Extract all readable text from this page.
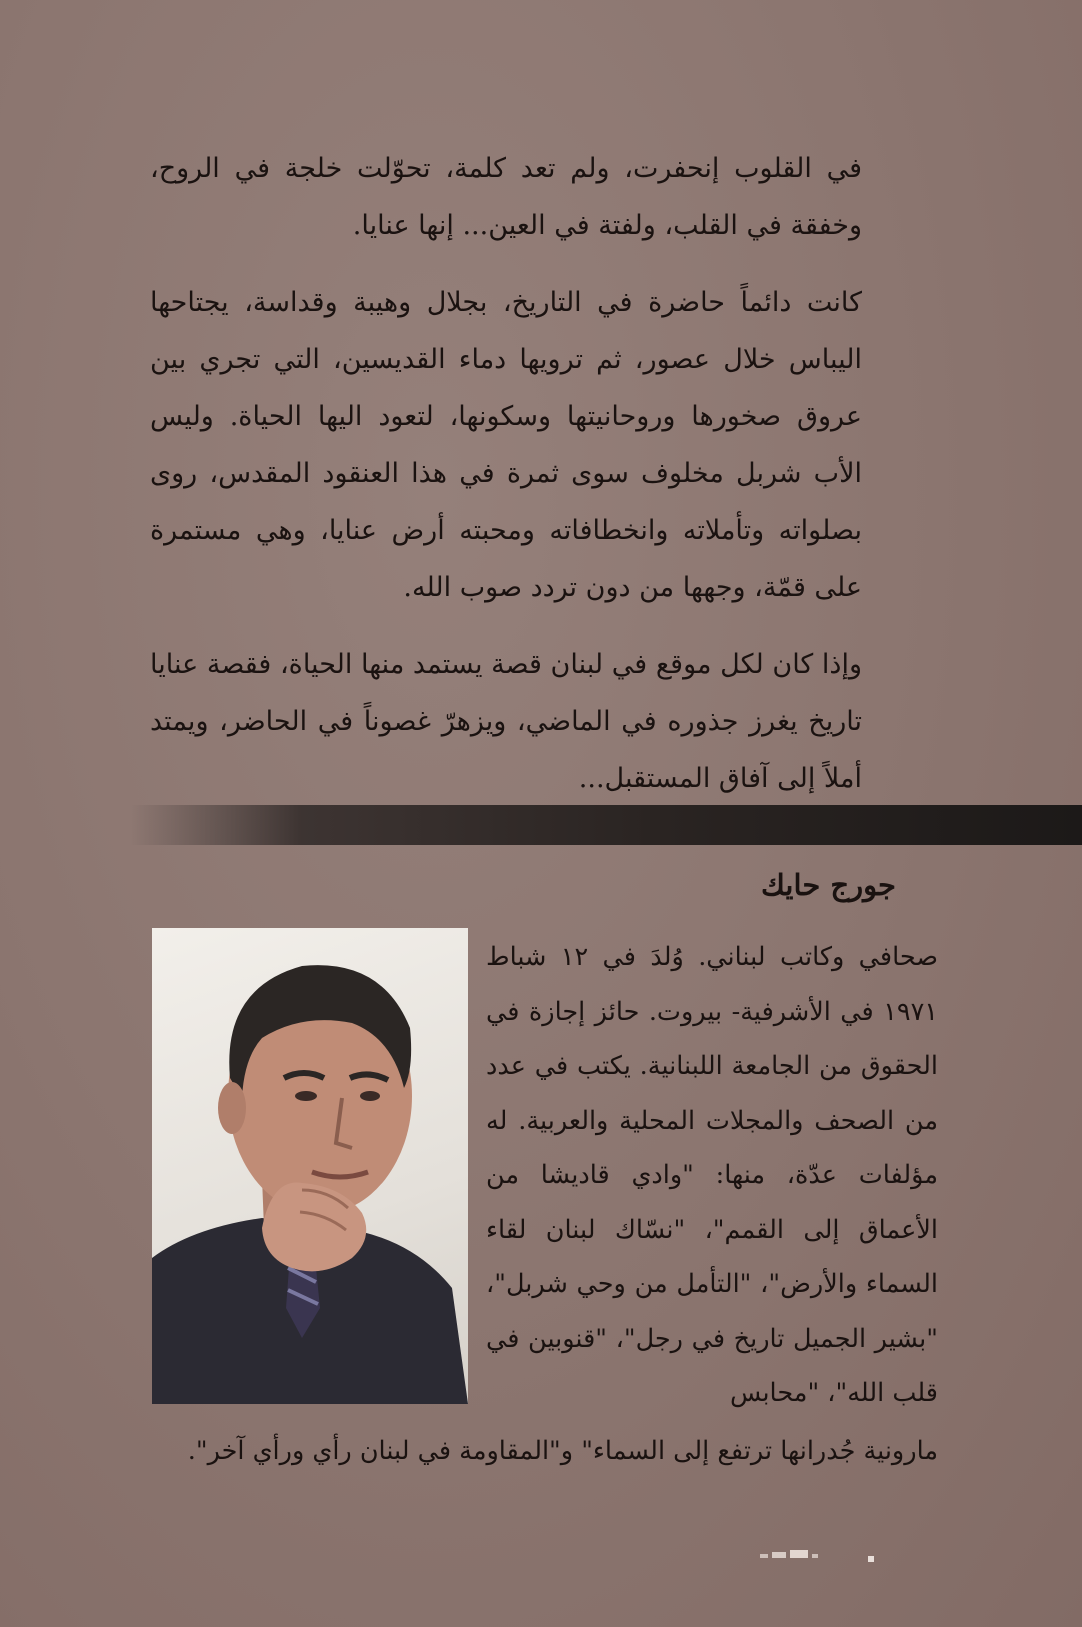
في القلوب إنحفرت، ولم تعد كلمة، تحوّلت خلجة في الروح، وخفقة في القلب، ولفتة في العين... إنها عنايا.

كانت دائماً حاضرة في التاريخ، بجلال وهيبة وقداسة، يجتاحها اليباس خلال عصور، ثم ترويها دماء القديسين، التي تجري بين عروق صخورها وروحانيتها وسكونها، لتعود اليها الحياة. وليس الأب شربل مخلوف سوى ثمرة في هذا العنقود المقدس، روى بصلواته وتأملاته وانخطافاته ومحبته أرض عنايا، وهي مستمرة على قمّة، وجهها من دون تردد صوب الله.

وإذا كان لكل موقع في لبنان قصة يستمد منها الحياة، فقصة عنايا تاريخ يغرز جذوره في الماضي، ويزهرّ غصوناً في الحاضر، ويمتد أملاً إلى آفاق المستقبل...

جورج حايك
صحافي وكاتب لبناني. وُلدَ في ١٢ شباط ١٩٧١ في الأشرفية- بيروت. حائز إجازة في الحقوق من الجامعة اللبنانية. يكتب في عدد من الصحف والمجلات المحلية والعربية. له مؤلفات عدّة، منها: "وادي قاديشا من الأعماق إلى القمم"، "نسّاك لبنان لقاء السماء والأرض"، "التأمل من وحي شربل"، "بشير الجميل تاريخ في رجل"، "قنوبين في قلب الله"، "محابس
مارونية جُدرانها ترتفع إلى السماء" و"المقاومة في لبنان رأي ورأي آخر".
